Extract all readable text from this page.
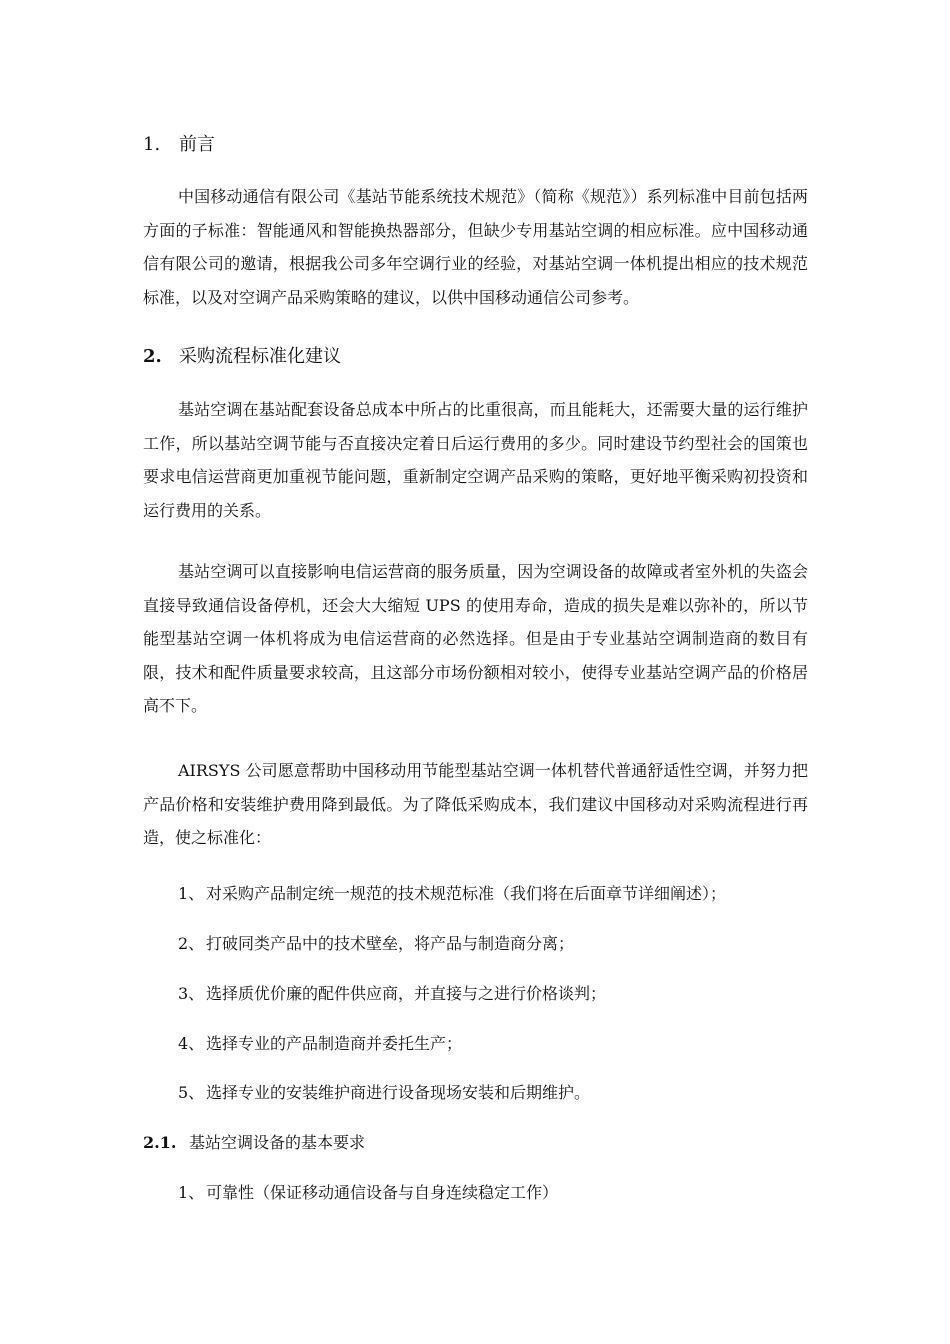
1. 前言
中国移动通信有限公司《基站节能系统技术规范》（简称《规范》）系列标准中目前包括两方面的子标准：智能通风和智能换热器部分，但缺少专用基站空调的相应标准。应中国移动通信有限公司的邀请，根据我公司多年空调行业的经验，对基站空调一体机提出相应的技术规范标准，以及对空调产品采购策略的建议，以供中国移动通信公司参考。
2. 采购流程标准化建议
基站空调在基站配套设备总成本中所占的比重很高，而且能耗大，还需要大量的运行维护工作，所以基站空调节能与否直接决定着日后运行费用的多少。同时建设节约型社会的国策也要求电信运营商更加重视节能问题，重新制定空调产品采购的策略，更好地平衡采购初投资和运行费用的关系。
基站空调可以直接影响电信运营商的服务质量，因为空调设备的故障或者室外机的失盗会直接导致通信设备停机，还会大大缩短 UPS 的使用寿命，造成的损失是难以弥补的，所以节能型基站空调一体机将成为电信运营商的必然选择。但是由于专业基站空调制造商的数目有限，技术和配件质量要求较高，且这部分市场份额相对较小，使得专业基站空调产品的价格居高不下。
AIRSYS 公司愿意帮助中国移动用节能型基站空调一体机替代普通舒适性空调，并努力把产品价格和安装维护费用降到最低。为了降低采购成本，我们建议中国移动对采购流程进行再造，使之标准化：
1、 对采购产品制定统一规范的技术规范标准（我们将在后面章节详细阐述）；
2、 打破同类产品中的技术壁垒，将产品与制造商分离；
3、 选择质优价廉的配件供应商，并直接与之进行价格谈判；
4、 选择专业的产品制造商并委托生产；
5、 选择专业的安装维护商进行设备现场安装和后期维护。
2.1. 基站空调设备的基本要求
1、 可靠性（保证移动通信设备与自身连续稳定工作）
